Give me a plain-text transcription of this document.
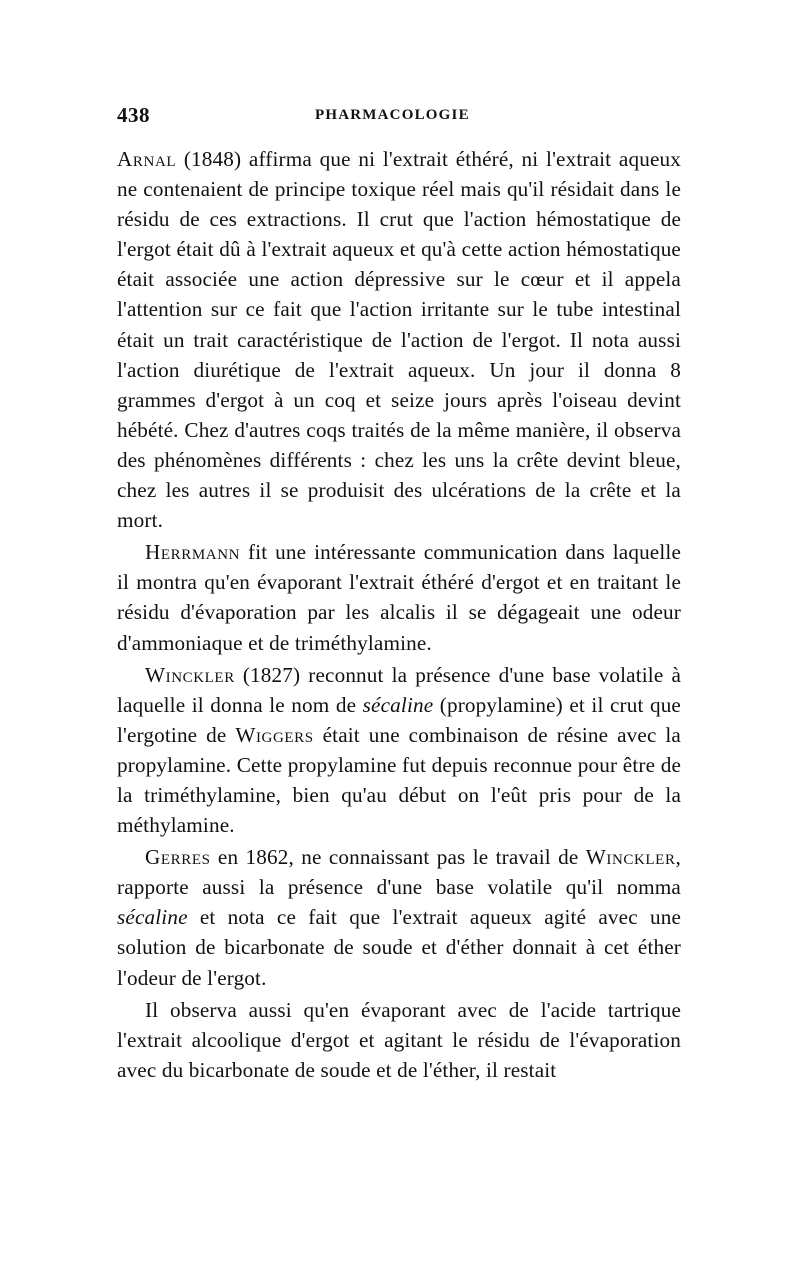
438	PHARMACOLOGIE

Arnal (1848) affirma que ni l'extrait éthéré, ni l'extrait aqueux ne contenaient de principe toxique réel mais qu'il résidait dans le résidu de ces extractions. Il crut que l'action hémostatique de l'ergot était dû à l'extrait aqueux et qu'à cette action hémostatique était associée une action dépressive sur le cœur et il appela l'attention sur ce fait que l'action irritante sur le tube intestinal était un trait caractéristique de l'action de l'ergot. Il nota aussi l'action diurétique de l'extrait aqueux. Un jour il donna 8 grammes d'ergot à un coq et seize jours après l'oiseau devint hébété. Chez d'autres coqs traités de la même manière, il observa des phénomènes différents : chez les uns la crête devint bleue, chez les autres il se produisit des ulcérations de la crête et la mort.

Herrmann fit une intéressante communication dans laquelle il montra qu'en évaporant l'extrait éthéré d'ergot et en traitant le résidu d'évaporation par les alcalis il se dégageait une odeur d'ammoniaque et de triméthylamine.

Winckler (1827) reconnut la présence d'une base volatile à laquelle il donna le nom de sécaline (propylamine) et il crut que l'ergotine de Wiggers était une combinaison de résine avec la propylamine. Cette propylamine fut depuis reconnue pour être de la triméthylamine, bien qu'au début on l'eût pris pour de la méthylamine.

Gerres en 1862, ne connaissant pas le travail de Winckler, rapporte aussi la présence d'une base volatile qu'il nomma sécaline et nota ce fait que l'extrait aqueux agité avec une solution de bicarbonate de soude et d'éther donnait à cet éther l'odeur de l'ergot.

Il observa aussi qu'en évaporant avec de l'acide tartrique l'extrait alcoolique d'ergot et agitant le résidu de l'évaporation avec du bicarbonate de soude et de l'éther, il restait
